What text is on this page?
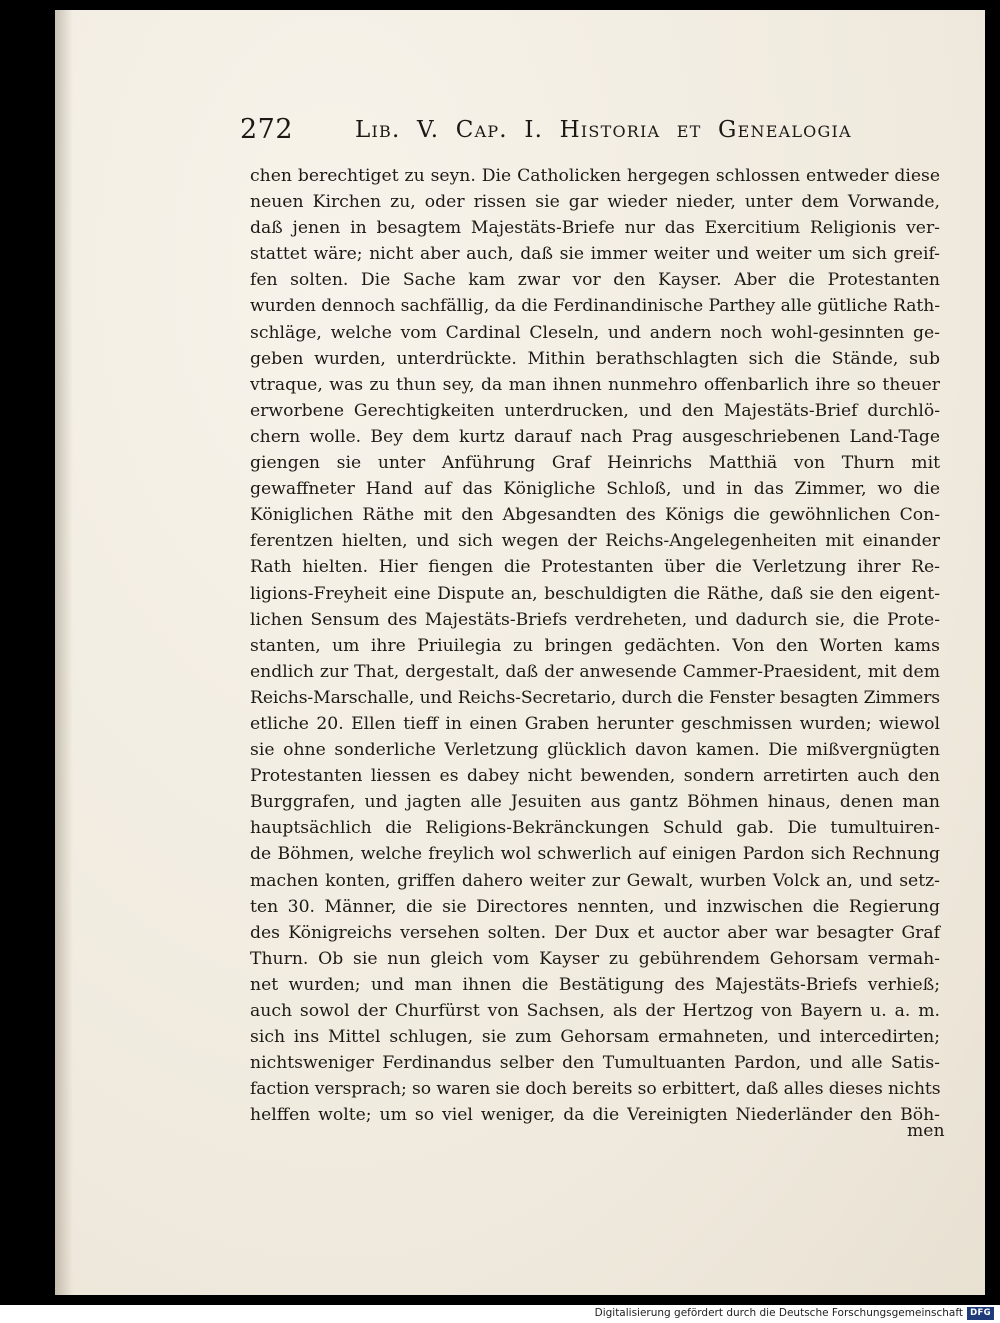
272	Lib. V. Cap. I. Historia et Genealogia
chen berechtiget zu seyn. Die Catholicken hergegen schlossen entweder diese
neuen Kirchen zu, oder rissen sie gar wieder nieder, unter dem Vorwande,
daß jenen in besagtem Majestäts-Briefe nur das Exercitium Religionis ver-
stattet wäre; nicht aber auch, daß sie immer weiter und weiter um sich greif-
fen solten. Die Sache kam zwar vor den Kayser. Aber die Protestanten
wurden dennoch sachfällig, da die Ferdinandinische Parthey alle gütliche Rath-
schläge, welche vom Cardinal Cleseln, und andern noch wohl-gesinnten ge-
geben wurden, unterdrückte. Mithin berathschlagten sich die Stände, sub
vtraque, was zu thun sey, da man ihnen nunmehro offenbarlich ihre so theuer
erworbene Gerechtigkeiten unterdrucken, und den Majestäts-Brief durchlö-
chern wolle. Bey dem kurtz darauf nach Prag ausgeschriebenen Land-Tage
giengen sie unter Anführung Graf Heinrichs Matthiä von Thurn mit
gewaffneter Hand auf das Königliche Schloß, und in das Zimmer, wo die
Königlichen Räthe mit den Abgesandten des Königs die gewöhnlichen Con-
ferentzen hielten, und sich wegen der Reichs-Angelegenheiten mit einander
Rath hielten. Hier fiengen die Protestanten über die Verletzung ihrer Re-
ligions-Freyheit eine Dispute an, beschuldigten die Räthe, daß sie den eigent-
lichen Sensum des Majestäts-Briefs verdreheten, und dadurch sie, die Prote-
stanten, um ihre Priuilegia zu bringen gedächten. Von den Worten kams
endlich zur That, dergestalt, daß der anwesende Cammer-Praesident, mit dem
Reichs-Marschalle, und Reichs-Secretario, durch die Fenster besagten Zimmers
etliche 20. Ellen tieff in einen Graben herunter geschmissen wurden; wiewol
sie ohne sonderliche Verletzung glücklich davon kamen. Die mißvergnügten
Protestanten liessen es dabey nicht bewenden, sondern arretirten auch den
Burggrafen, und jagten alle Jesuiten aus gantz Böhmen hinaus, denen man
hauptsächlich die Religions-Bekränckungen Schuld gab. Die tumultuiren-
de Böhmen, welche freylich wol schwerlich auf einigen Pardon sich Rechnung
machen konten, griffen dahero weiter zur Gewalt, wurben Volck an, und setz-
ten 30. Männer, die sie Directores nennten, und inzwischen die Regierung
des Königreichs versehen solten. Der Dux et auctor aber war besagter Graf
Thurn. Ob sie nun gleich vom Kayser zu gebührendem Gehorsam vermah-
net wurden; und man ihnen die Bestätigung des Majestäts-Briefs verhieß;
auch sowol der Churfürst von Sachsen, als der Hertzog von Bayern u. a. m.
sich ins Mittel schlugen, sie zum Gehorsam ermahneten, und intercedirten;
nichtsweniger Ferdinandus selber den Tumultuanten Pardon, und alle Satis-
faction versprach; so waren sie doch bereits so erbittert, daß alles dieses nichts
helffen wolte; um so viel weniger, da die Vereinigten Niederländer den Böh-
men
Digitalisierung gefördert durch die Deutsche Forschungsgemeinschaft DFG
